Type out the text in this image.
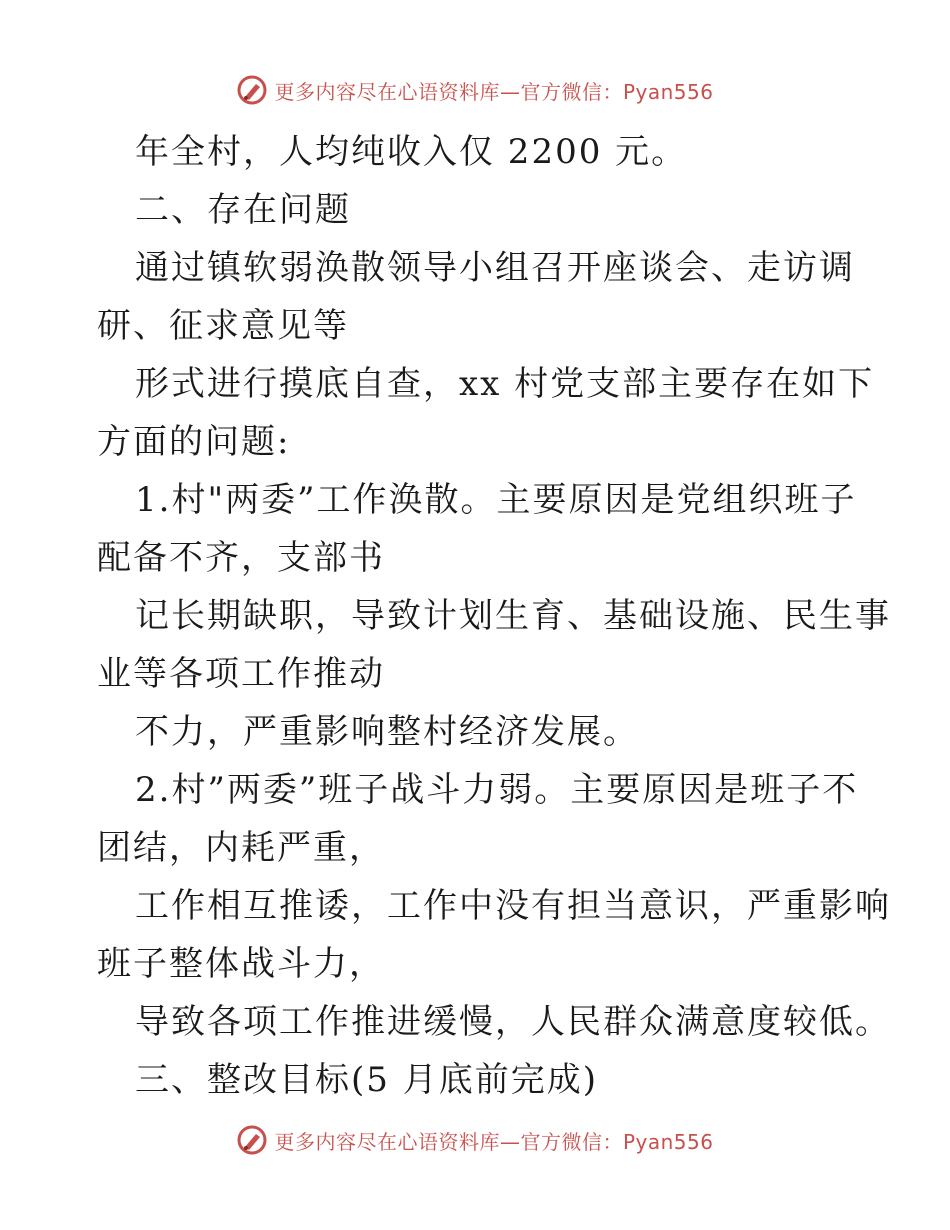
更多内容尽在心语资料库—官方微信：Pyan556
年全村，人均纯收入仅 2200 元。
二、存在问题
通过镇软弱涣散领导小组召开座谈会、走访调
研、征求意见等
形式进行摸底自查，xx 村党支部主要存在如下
方面的问题:
1.村"两委”工作涣散。主要原因是党组织班子
配备不齐，支部书
记长期缺职，导致计划生育、基础设施、民生事
业等各项工作推动
不力，严重影响整村经济发展。
2.村”两委”班子战斗力弱。主要原因是班子不
团结，内耗严重，
工作相互推诿，工作中没有担当意识，严重影响
班子整体战斗力，
导致各项工作推进缓慢，人民群众满意度较低。
三、整改目标(5 月底前完成)
更多内容尽在心语资料库—官方微信：Pyan556
